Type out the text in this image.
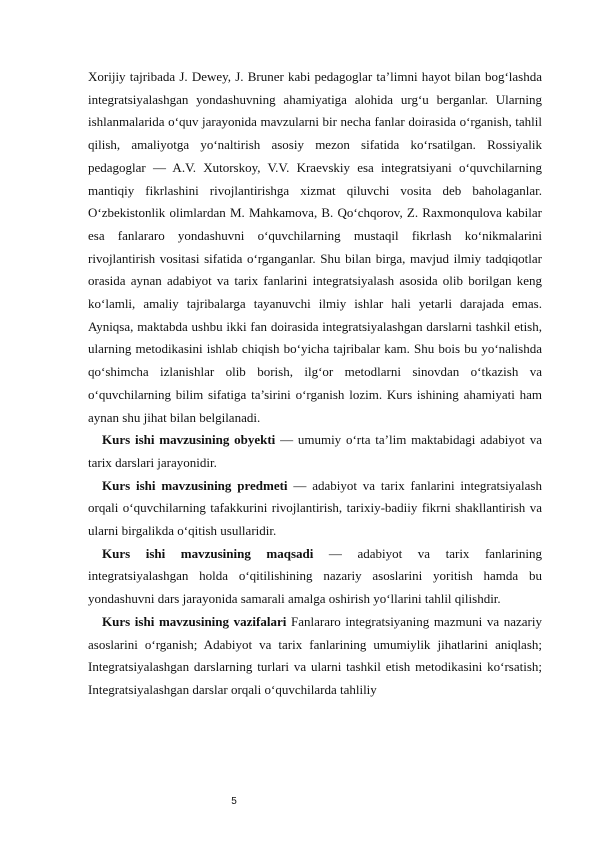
Xorijiy tajribada J. Dewey, J. Bruner kabi pedagoglar ta’limni hayot bilan bog‘lashda integratsiyalashgan yondashuvning ahamiyatiga alohida urg‘u berganlar. Ularning ishlanmalarida o‘quv jarayonida mavzularni bir necha fanlar doirasida o‘rganish, tahlil qilish, amaliyotga yo‘naltirish asosiy mezon sifatida ko‘rsatilgan. Rossiyalik pedagoglar — A.V. Xutorskoy, V.V. Kraevskiy esa integratsiyani o‘quvchilarning mantiqiy fikrlashini rivojlantirishga xizmat qiluvchi vosita deb baholaganlar. O‘zbekistonlik olimlardan M. Mahkamova, B. Qo‘chqorov, Z. Raxmonqulova kabilar esa fanlararo yondashuvni o‘quvchilarning mustaqil fikrlash ko‘nikmalarini rivojlantirish vositasi sifatida o‘rganganlar. Shu bilan birga, mavjud ilmiy tadqiqotlar orasida aynan adabiyot va tarix fanlarini integratsiyalash asosida olib borilgan keng ko‘lamli, amaliy tajribalarga tayanuvchi ilmiy ishlar hali yetarli darajada emas. Ayniqsa, maktabda ushbu ikki fan doirasida integratsiyalashgan darslarni tashkil etish, ularning metodikasini ishlab chiqish bo‘yicha tajribalar kam. Shu bois bu yo‘nalishda qo‘shimcha izlanishlar olib borish, ilg‘or metodlarni sinovdan o‘tkazish va o‘quvchilarning bilim sifatiga ta’sirini o‘rganish lozim. Kurs ishining ahamiyati ham aynan shu jihat bilan belgilanadi.

Kurs ishi mavzusining obyekti — umumiy o‘rta ta’lim maktabidagi adabiyot va tarix darslari jarayonidir.

Kurs ishi mavzusining predmeti — adabiyot va tarix fanlarini integratsiyalash orqali o‘quvchilarning tafakkurini rivojlantirish, tarixiy-badiiy fikrni shakllantirish va ularni birgalikda o‘qitish usullaridir.

Kurs ishi mavzusining maqsadi — adabiyot va tarix fanlarining integratsiyalashgan holda o‘qitilishining nazariy asoslarini yoritish hamda bu yondashuvni dars jarayonida samarali amalga oshirish yo‘llarini tahlil qilishdir.

Kurs ishi mavzusining vazifalari Fanlararo integratsiyaning mazmuni va nazariy asoslarini o‘rganish; Adabiyot va tarix fanlarining umumiylik jihatlarini aniqlash; Integratsiyalashgan darslarning turlari va ularni tashkil etish metodikasini ko‘rsatish; Integratsiyalashgan darslar orqali o‘quvchilarda tahliliy

5
